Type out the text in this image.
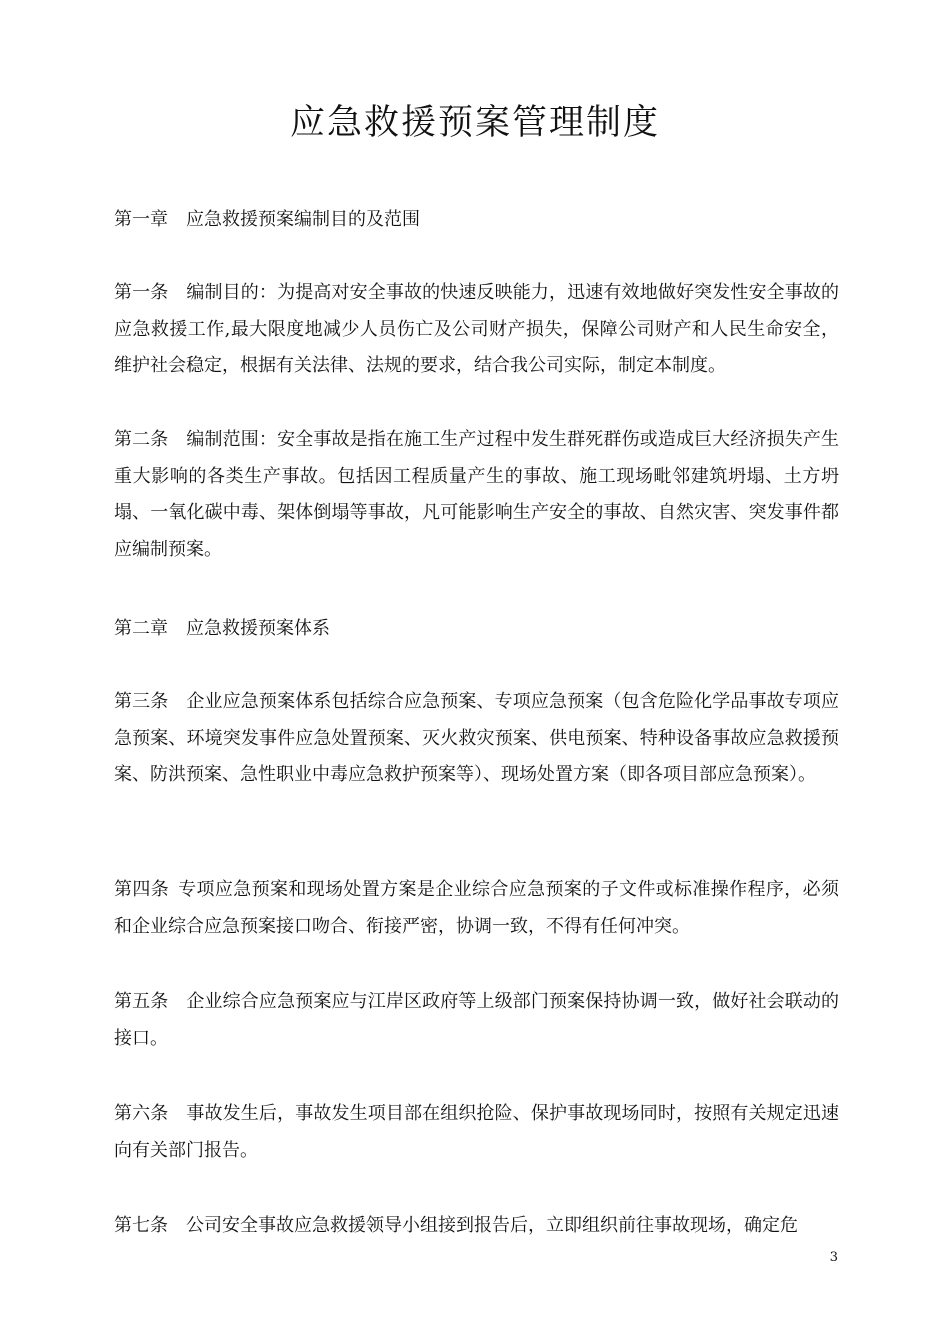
应急救援预案管理制度

第一章 应急救援预案编制目的及范围

第一条 编制目的：为提高对安全事故的快速反映能力，迅速有效地做好突发性安全事故的应急救援工作,最大限度地减少人员伤亡及公司财产损失，保障公司财产和人民生命安全，维护社会稳定，根据有关法律、法规的要求，结合我公司实际，制定本制度。

第二条 编制范围：安全事故是指在施工生产过程中发生群死群伤或造成巨大经济损失产生重大影响的各类生产事故。包括因工程质量产生的事故、施工现场毗邻建筑坍塌、土方坍塌、一氧化碳中毒、架体倒塌等事故，凡可能影响生产安全的事故、自然灾害、突发事件都应编制预案。

第二章 应急救援预案体系

第三条 企业应急预案体系包括综合应急预案、专项应急预案（包含危险化学品事故专项应急预案、环境突发事件应急处置预案、灭火救灾预案、供电预案、特种设备事故应急救援预案、防洪预案、急性职业中毒应急救护预案等）、现场处置方案（即各项目部应急预案）。

第四条 专项应急预案和现场处置方案是企业综合应急预案的子文件或标准操作程序，必须和企业综合应急预案接口吻合、衔接严密，协调一致，不得有任何冲突。

第五条 企业综合应急预案应与江岸区政府等上级部门预案保持协调一致，做好社会联动的接口。

第六条 事故发生后，事故发生项目部在组织抢险、保护事故现场同时，按照有关规定迅速向有关部门报告。

第七条 公司安全事故应急救援领导小组接到报告后，立即组织前往事故现场，确定危

3
